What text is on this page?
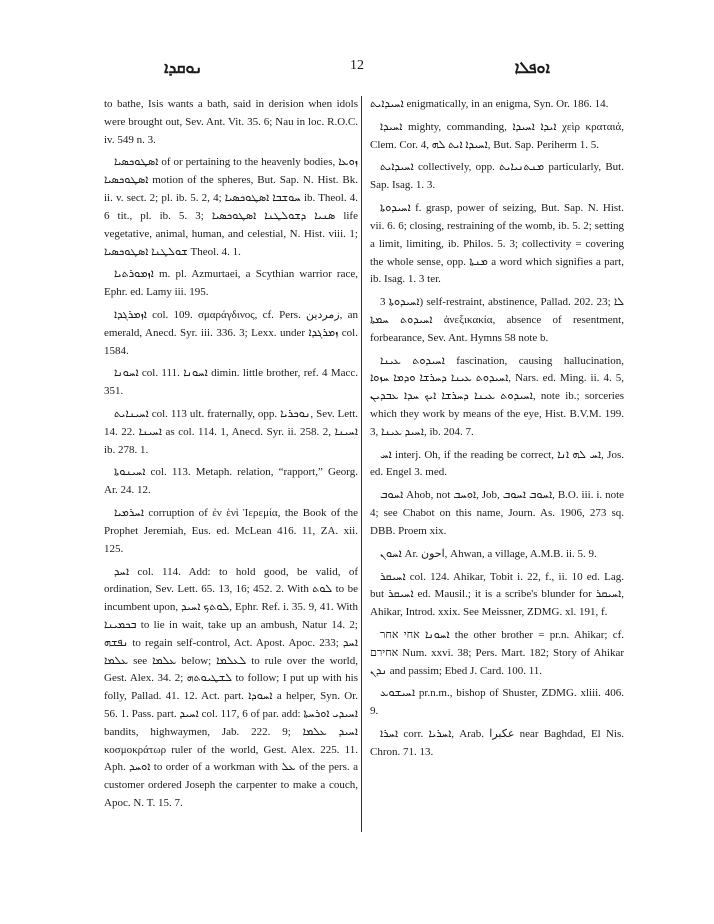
ܢܘܩܕܐ	12	ܐܘܦܠܐ

to bathe, Isis wants a bath, said in derision when idols were brought out, Sev. Ant. Vit. 35. 6; Nau in loc. R.O.C. iv. 549 n. 3.

ܐܣܛܘܟܣܝܐ of or pertaining to the heavenly bodies, ܙܘܥܐ ܐܣܛܘܟܣܝܐ motion of the spheres, But. Sap. N. Hist. Bk. ii. v. sect. 2; pl. ib. 5. 2, 4; ܚܘܫܒܐ ܐܣܛܘܟܣܝܐ ib. Theol. 4. 6 tit., pl. ib. 5. 3; ܣܢܝܐ ܕܫܘܠܛܢܐ ܐܣܛܘܟܣܝܐ life vegetative, animal, human, and celestial, N. Hist. viii. 1; ܫܘܠܛܢܐ ܐܣܛܘܟܣܝܐ Theol. 4. 1.

ܐܙܡܘܪܬܝܐ m. pl. Azmurtaei, a Scythian warrior race, Ephr. ed. Lamy iii. 195.

ܐܙܡܪܓܕܐ col. 109. σμαράγδινος, cf. Pers. زمردين, an emerald, Anecd. Syr. iii. 336. 3; Lexx. under ܙܡܪܓܕܐ col. 1584.

ܐܚܘܢܐ col. 111. ܐܚܘܢܐ dimin. little brother, ref. 4 Macc. 351.

ܐܚܝܢܐܝܬ col. 113 ult. fraternally, opp. ܢܘܟܪܝܐ, Sev. Lett. 14. 22. ܐܚܝܢܐ as col. 114. 1, Anecd. Syr. ii. 258. 2, ܐܚܝܢܐ ib. 278. 1.

ܐܚܝܢܘܬܐ col. 113. Metaph. relation, “rapport,” Georg. Ar. 24. 12.

ܐܚܪܡܝܐ corruption of ἐν ἑνὶ Ἱερεμία, the Book of the Prophet Jeremiah, Eus. ed. McLean 416. 11, ZA. xii. 125.

ܐܚܕ col. 114. Add: to hold good, be valid, of ordination, Sev. Lett. 65. 13, 16; 452. 2. With ܠܘܬ to be incumbent upon, ܠܘܬܟ ܐܚܝܕ, Ephr. Ref. i. 35. 9, 41. With ܒܟܡܝܢܐ to lie in wait, take up an ambush, Natur 14. 2; ܢܦܫܗ to regain self-control, Act. Apost. Apoc. 233; ܐܚܕ ܥܠܡܐ see ܥܠܡܐ below; ܠܥܠܡܐ to rule over the world, Gest. Alex. 34. 2; ܠܫܛܝܘܬܗ to follow; I put up with his folly, Pallad. 41. 12. Act. part. ܐܚܘܕܐ a helper, Syn. Or. 56. 1. Pass. part. ܐܚܝܕ col. 117, 6 of par. add: ܐܚܝܕܝ ܐܘܪܚܬܐ bandits, highwaymen, Jab. 222. 9; ܐܚܝܕ ܥܠܡܐ κοσμοκράτωρ ruler of the world, Gest. Alex. 225. 11. Aph. ܐܘܚܕ to order of a workman with ܥܠ of the pers. a customer ordered Joseph the carpenter to make a couch, Apoc. N. T. 15. 7.

ܐܚܝܕܐܝܬ enigmatically, in an enigma, Syn. Or. 186. 14.

ܐܚܝܕܐ mighty, commanding, ܐܝܕܐ ܐܚܝܕܐ χεὶρ κραταιά, Clem. Cor. 4, ܐܚܝܕܐ ܐܝܬ ܠܗ, But. Sap. Periherm 1. 5.

ܐܚܝܕܐܝܬ collectively, opp. ܡܢܬܢܝܐܝܬ particularly, But. Sap. Isag. 1. 3.

ܐܚܝܕܘܬܐ f. grasp, power of seizing, But. Sap. N. Hist. vii. 6. 6; closing, restraining of the womb, ib. 5. 2; setting a limit, limiting, ib. Philos. 5. 3; collectivity = covering the whole sense, opp. ܡܢܬܐ a word which signifies a part, ib. Isag. 1. 3 ter.

ܐܚܝܕܘܬܐ 3) self-restraint, abstinence, Pallad. 202. 23; ܠܐ ܐܚܝܕܘܬ ܚܡܬܐ ἀνεξικακία, absence of resentment, forbearance, Sev. Ant. Hymns 58 note b.

ܐܚܝܕܘܬ ܥܝܢܐ fascination, causing hallucination, ܐܚܝܕܘܬ ܥܝܢܐ ܕܚܪܫܐ ܘܕܡܐ ܚܙܘܐ, Nars. ed. Ming. ii. 4. 5, ܐܚܝܕܘܬ ܥܝܢܐ ܕܚܪܫܐ ܐܝܟ ܚܕܐ ܥܒܕܝܢ, note ib.; sorceries which they work by means of the eye, Hist. B.V.M. 199. 3, ܐܚܝܕ ܥܝܢܐ, ib. 204. 7.

ܐܚ interj. Oh, if the reading be correct, ܐܚ ܠܗ ܐܢܐ, Jos. ed. Engel 3. med.

ܐܚܘܒ Ahob, not ܐܘܚܒ, Job, ܐܚܘܒ ܐܚܘܒ, B.O. iii. i. note 4; see Chabot on this name, Journ. As. 1906, 273 sq. DBB. Proem xix.

ܐܚܘܢ Ar. احون, Ahwan, a village, A.M.B. ii. 5. 9.

ܐܚܝܩܪ col. 124. Ahikar, Tobit i. 22, f., ii. 10 ed. Lag. but ܐܚܝܩܪ ed. Mausil.; it is a scribe's blunder for ܐܚܝܩܪ, Ahikar, Introd. xxix. See Meissner, ZDMG. xl. 191, f.

ܐܚܘܢܐ אחי אחר the other brother = pr.n. Ahikar; cf. אחירם Num. xxvi. 38; Pers. Mart. 182; Story of Ahikar ܢܕܢ and passim; Ebed J. Card. 100. 11.

ܐܚܝܫܘܥ pr.n.m., bishop of Shuster, ZDMG. xliii. 406. 9.

ܐܚܪܐ corr. ܐܚܪܝܐ, Arab. عكبرا near Baghdad, El Nis. Chron. 71. 13.
